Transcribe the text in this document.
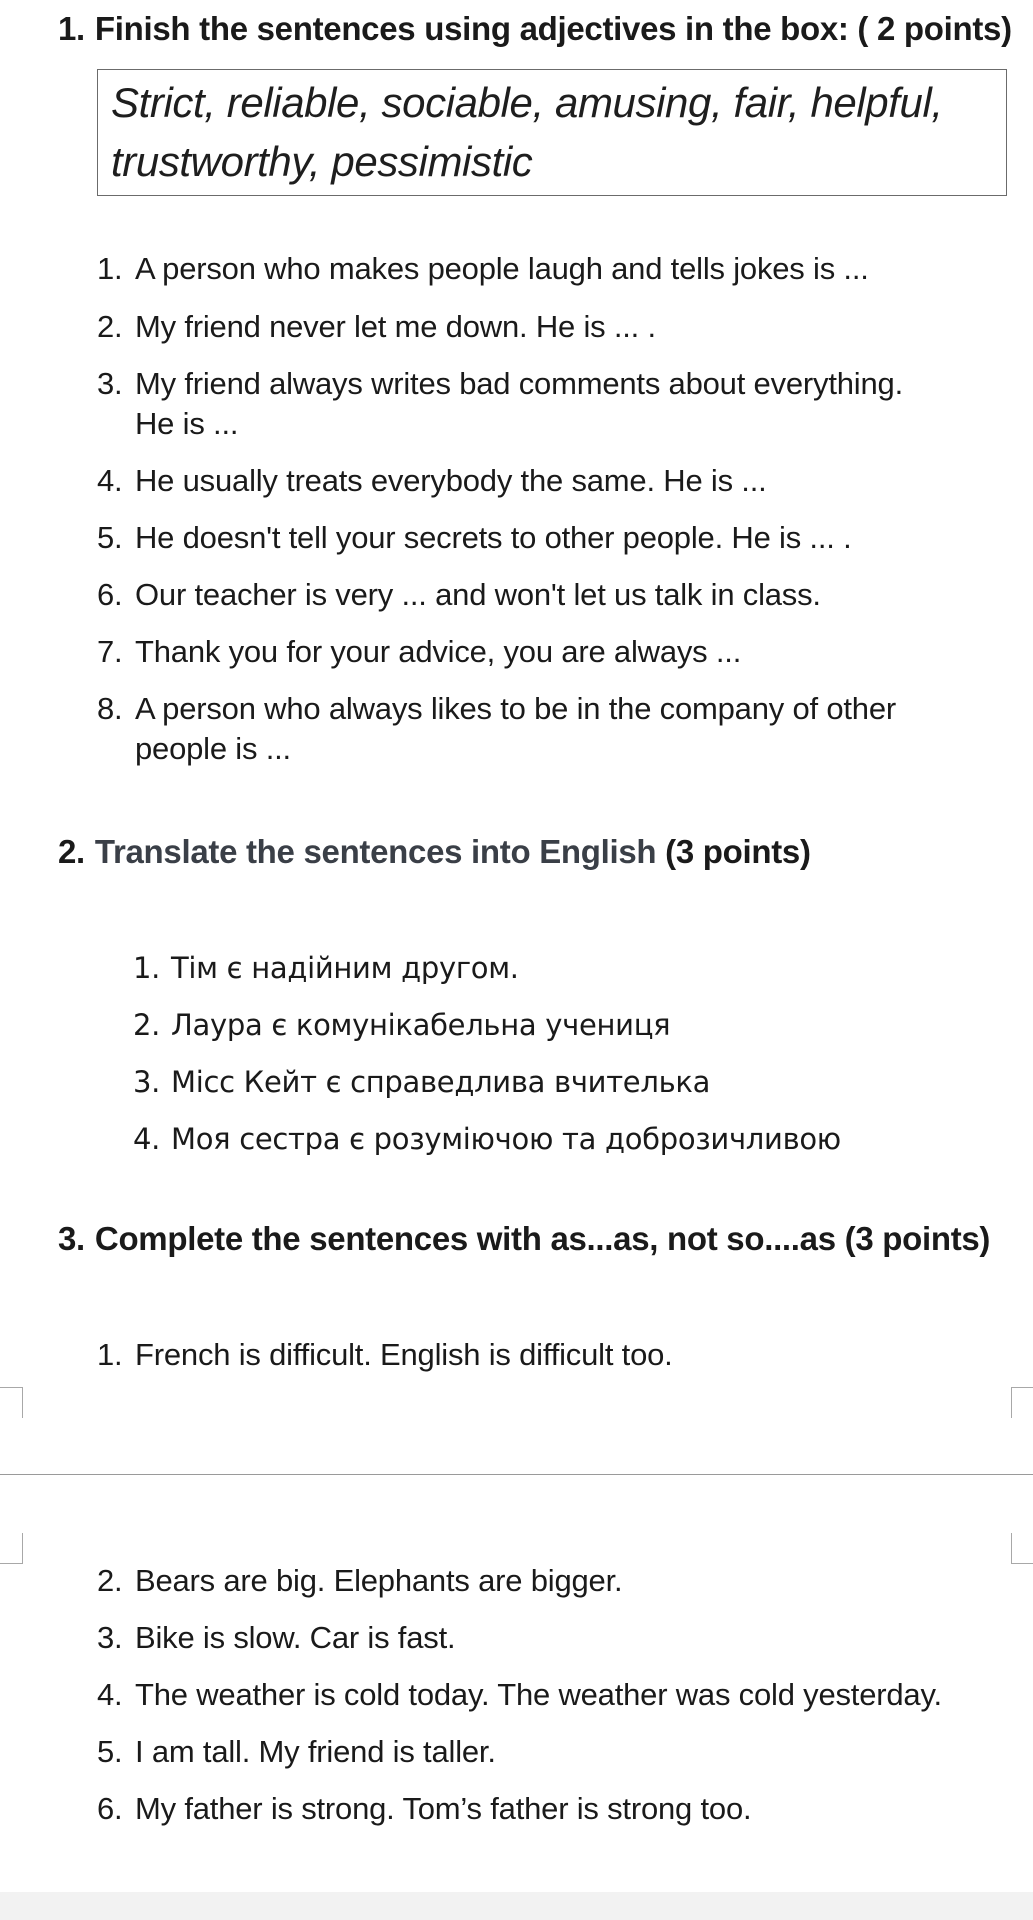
1. Finish the sentences using adjectives in the box: ( 2 points)
Strict, reliable, sociable, amusing, fair, helpful, trustworthy, pessimistic
1. A person who makes people laugh and tells jokes is ...
2. My friend never let me down. He is ... .
3. My friend always writes bad comments about everything.
He is ...
4. He usually treats everybody the same. He is ...
5. He doesn't tell your secrets to other people. He is ... .
6. Our teacher is very ... and won't let us talk in class.
7. Thank you for your advice, you are always ...
8. A person who always likes to be in the company of other
people is ...
2. Translate the sentences into English (3 points)
1. Тім є надійним другом.
2. Лаура є комунікабельна учениця
3. Місс Кейт є справедлива вчителька
4. Моя сестра є розуміючою та доброзичливою
3. Complete the sentences with as...as, not so....as (3 points)
1. French is difficult. English is difficult too.
2. Bears are big. Elephants are bigger.
3. Bike is slow. Car is fast.
4. The weather is cold today. The weather was cold yesterday.
5. I am tall. My friend is taller.
6. My father is strong. Tom’s father is strong too.
